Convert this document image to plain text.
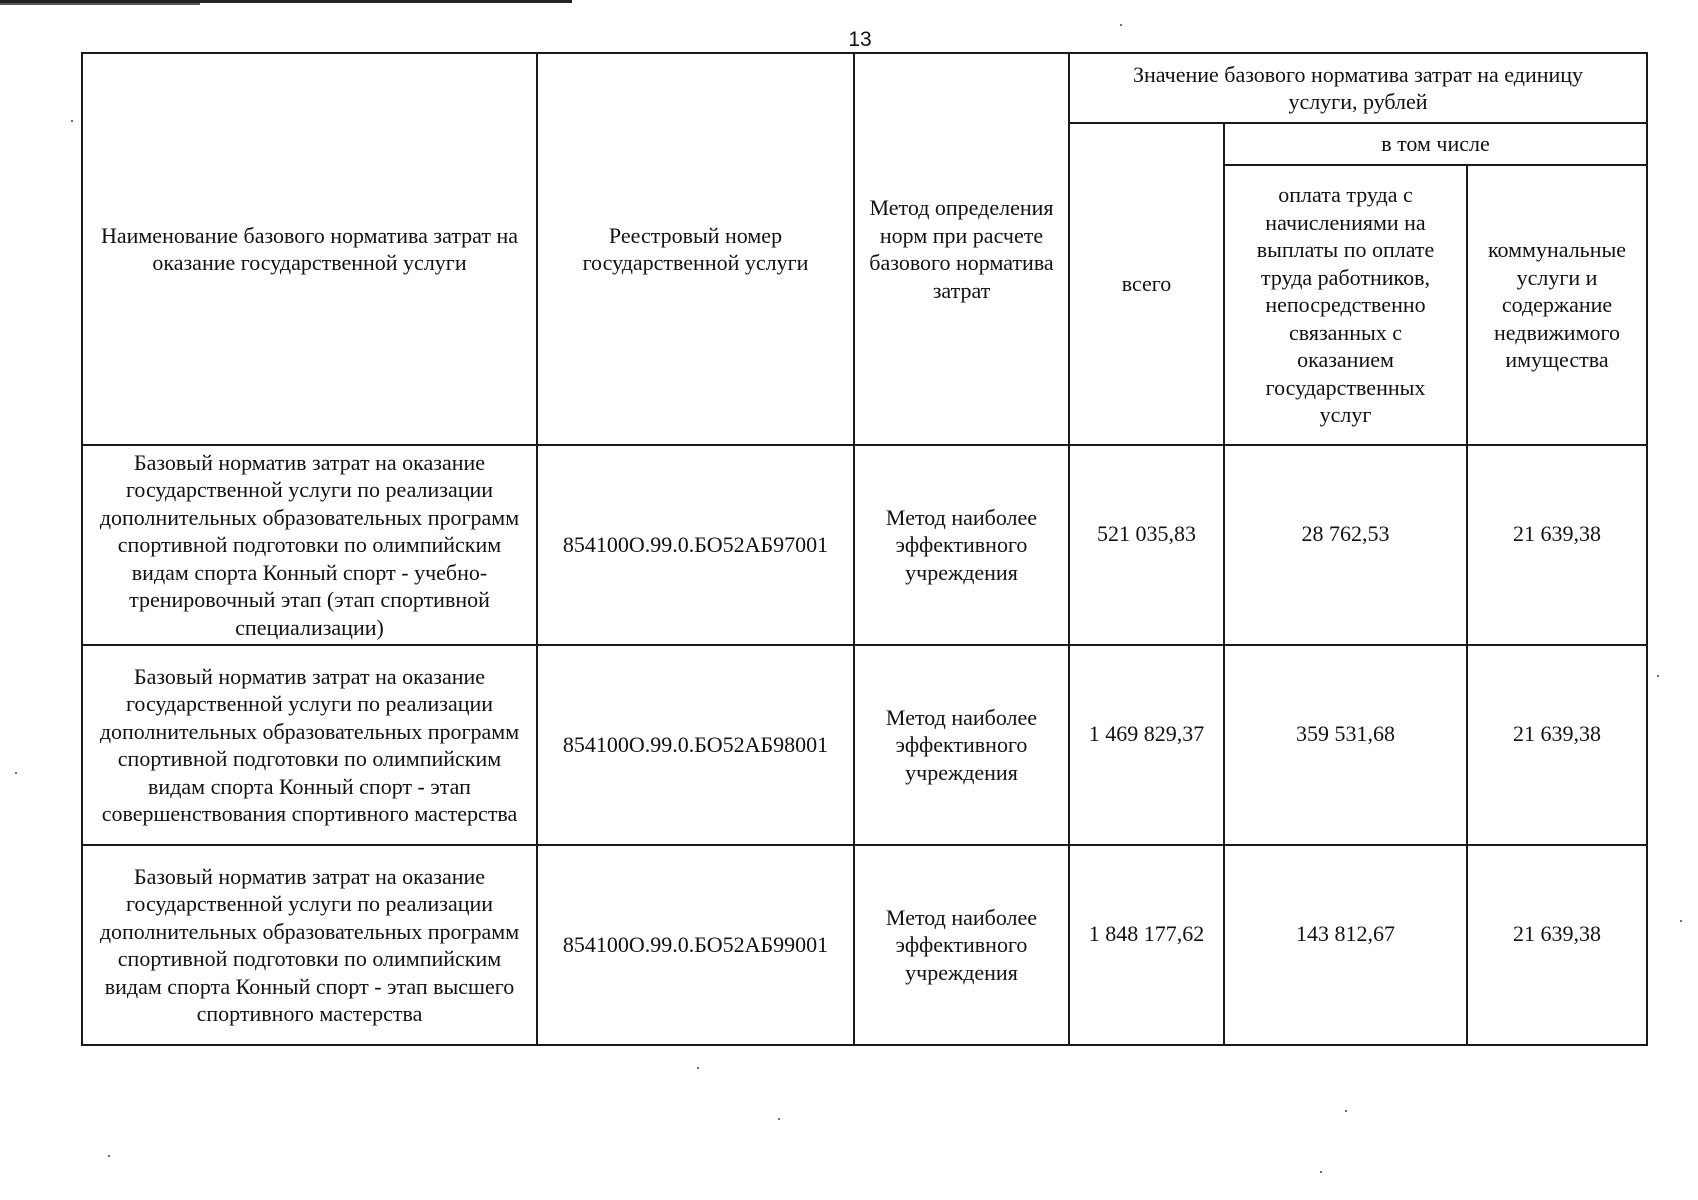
13
Наименование базового норматива затрат на оказание государственной услуги	Реестровый номер государственной услуги	Метод определения норм при расчете базового норматива затрат	Значение базового норматива затрат на единицу услуги, рублей		
			всего	в том числе	
				оплата труда с начислениями на выплаты по оплате труда работников, непосредственно связанных с оказанием государственных услуг	коммунальные услуги и содержание недвижимого имущества
Базовый норматив затрат на оказание государственной услуги по реализации дополнительных образовательных программ спортивной подготовки по олимпийским видам спорта Конный спорт - учебно-тренировочный этап (этап спортивной специализации)	854100О.99.0.БО52АБ97001	Метод наиболее эффективного учреждения	521 035,83	28 762,53	21 639,38
Базовый норматив затрат на оказание государственной услуги по реализации дополнительных образовательных программ спортивной подготовки по олимпийским видам спорта Конный спорт - этап совершенствования спортивного мастерства	854100О.99.0.БО52АБ98001	Метод наиболее эффективного учреждения	1 469 829,37	359 531,68	21 639,38
Базовый норматив затрат на оказание государственной услуги по реализации дополнительных образовательных программ спортивной подготовки по олимпийским видам спорта Конный спорт - этап высшего спортивного мастерства	854100О.99.0.БО52АБ99001	Метод наиболее эффективного учреждения	1 848 177,62	143 812,67	21 639,38
